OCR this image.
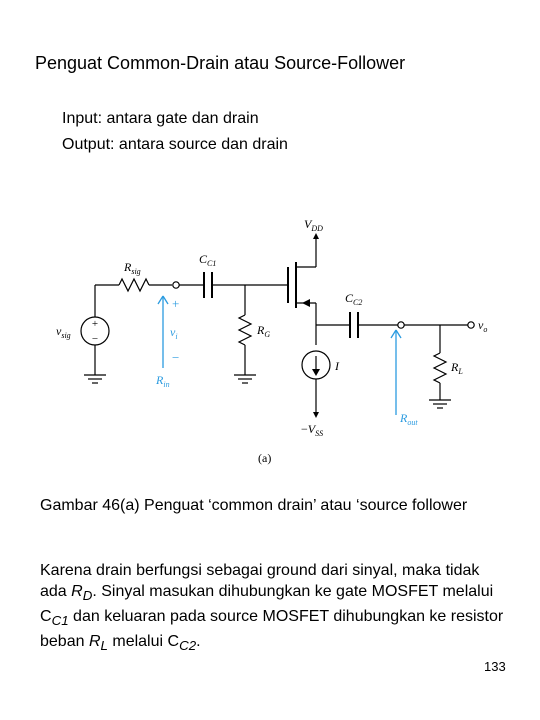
Penguat Common-Drain atau Source-Follower
Input: antara gate dan drain
Output: antara source dan drain
+
−
+
−
$v_i$
$R_{in}$
$R_{out}$
$V_{DD}$
$-V_{SS}$
$R_{sig}$
$v_{sig}$
$C_{C1}$
$C_{C2}$
$R_G$
$R_L$
I
$v_o$
(a)
Gambar 46(a) Penguat ‘common drain’ atau ‘source follower
Karena drain berfungsi sebagai ground dari sinyal, maka tidak ada $R_D$. Sinyal masukan dihubungkan ke gate MOSFET melalui $C_{C1}$ dan keluaran pada source MOSFET dihubungkan ke resistor beban $R_L$ melalui $C_{C2}$.
133
